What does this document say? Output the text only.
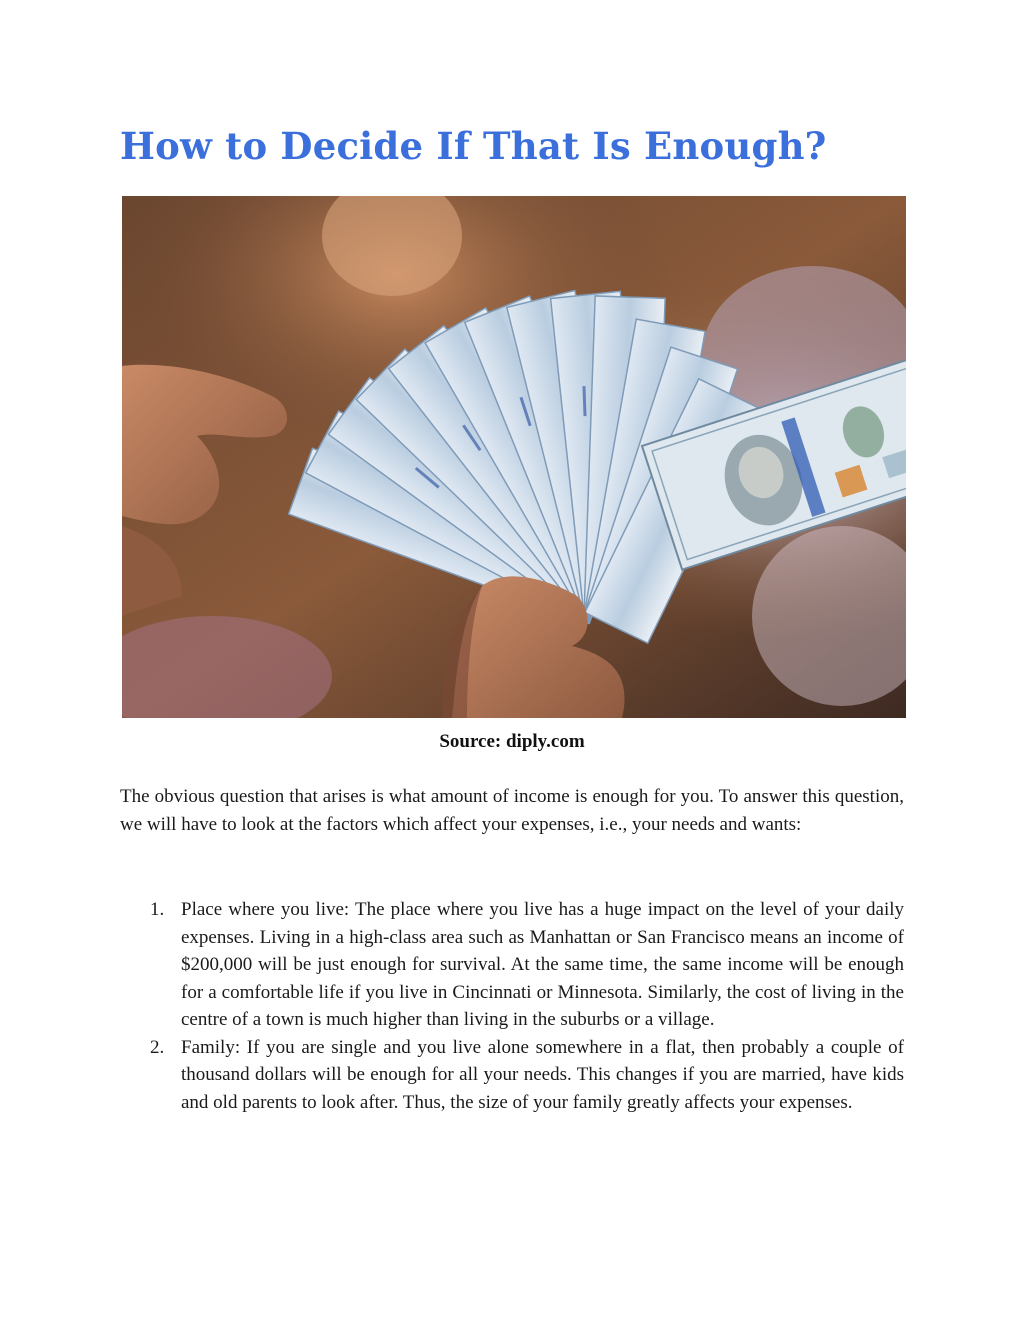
How to Decide If That Is Enough?
Source: diply.com

The obvious question that arises is what amount of income is enough for you. To answer this question, we will have to look at the factors which affect your expenses, i.e., your needs and wants:

1. Place where you live: The place where you live has a huge impact on the level of your daily expenses. Living in a high-class area such as Manhattan or San Francisco means an income of $200,000 will be just enough for survival. At the same time, the same income will be enough for a comfortable life if you live in Cincinnati or Minnesota. Similarly, the cost of living in the centre of a town is much higher than living in the suburbs or a village.
2. Family: If you are single and you live alone somewhere in a flat, then probably a couple of thousand dollars will be enough for all your needs. This changes if you are married, have kids and old parents to look after. Thus, the size of your family greatly affects your expenses.
